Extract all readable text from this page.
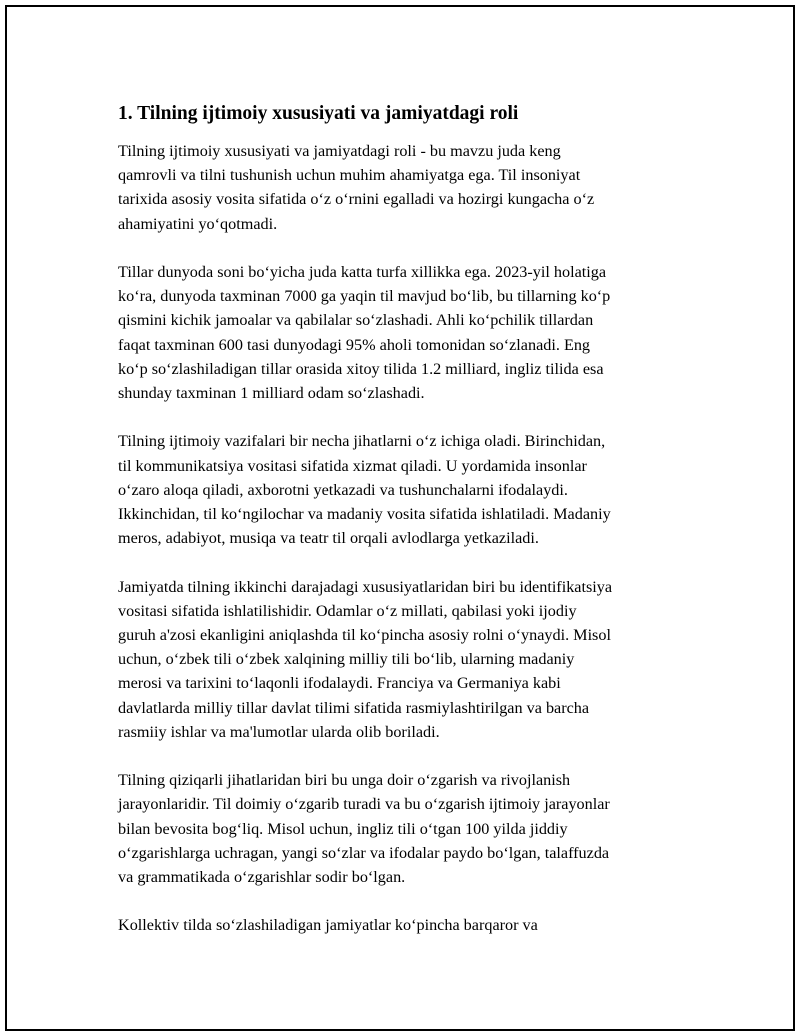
1. Tilning ijtimoiy xususiyati va jamiyatdagi roli

Tilning ijtimoiy xususiyati va jamiyatdagi roli - bu mavzu juda keng
qamrovli va tilni tushunish uchun muhim ahamiyatga ega. Til insoniyat
tarixida asosiy vosita sifatida oʻz oʻrnini egalladi va hozirgi kungacha oʻz
ahamiyatini yoʻqotmadi.

Tillar dunyoda soni boʻyicha juda katta turfa xillikka ega. 2023-yil holatiga
koʻra, dunyoda taxminan 7000 ga yaqin til mavjud boʻlib, bu tillarning koʻp
qismini kichik jamoalar va qabilalar soʻzlashadi. Ahli koʻpchilik tillardan
faqat taxminan 600 tasi dunyodagi 95% aholi tomonidan soʻzlanadi. Eng
koʻp soʻzlashiladigan tillar orasida xitoy tilida 1.2 milliard, ingliz tilida esa
shunday taxminan 1 milliard odam soʻzlashadi.

Tilning ijtimoiy vazifalari bir necha jihatlarni oʻz ichiga oladi. Birinchidan,
til kommunikatsiya vositasi sifatida xizmat qiladi. U yordamida insonlar
oʻzaro aloqa qiladi, axborotni yetkazadi va tushunchalarni ifodalaydi.
Ikkinchidan, til koʻngilochar va madaniy vosita sifatida ishlatiladi. Madaniy
meros, adabiyot, musiqa va teatr til orqali avlodlarga yetkaziladi.

Jamiyatda tilning ikkinchi darajadagi xususiyatlaridan biri bu identifikatsiya
vositasi sifatida ishlatilishidir. Odamlar oʻz millati, qabilasi yoki ijodiy
guruh a'zosi ekanligini aniqlashda til koʻpincha asosiy rolni oʻynaydi. Misol
uchun, oʻzbek tili oʻzbek xalqining milliy tili boʻlib, ularning madaniy
merosi va tarixini toʻlaqonli ifodalaydi. Franciya va Germaniya kabi
davlatlarda milliy tillar davlat tilimi sifatida rasmiylashtirilgan va barcha
rasmiiy ishlar va ma'lumotlar ularda olib boriladi.

Tilning qiziqarli jihatlaridan biri bu unga doir oʻzgarish va rivojlanish
jarayonlaridir. Til doimiy oʻzgarib turadi va bu oʻzgarish ijtimoiy jarayonlar
bilan bevosita bogʻliq. Misol uchun, ingliz tili oʻtgan 100 yilda jiddiy
oʻzgarishlarga uchragan, yangi soʻzlar va ifodalar paydo boʻlgan, talaffuzda
va grammatikada oʻzgarishlar sodir boʻlgan.

Kollektiv tilda soʻzlashiladigan jamiyatlar koʻpincha barqaror va
